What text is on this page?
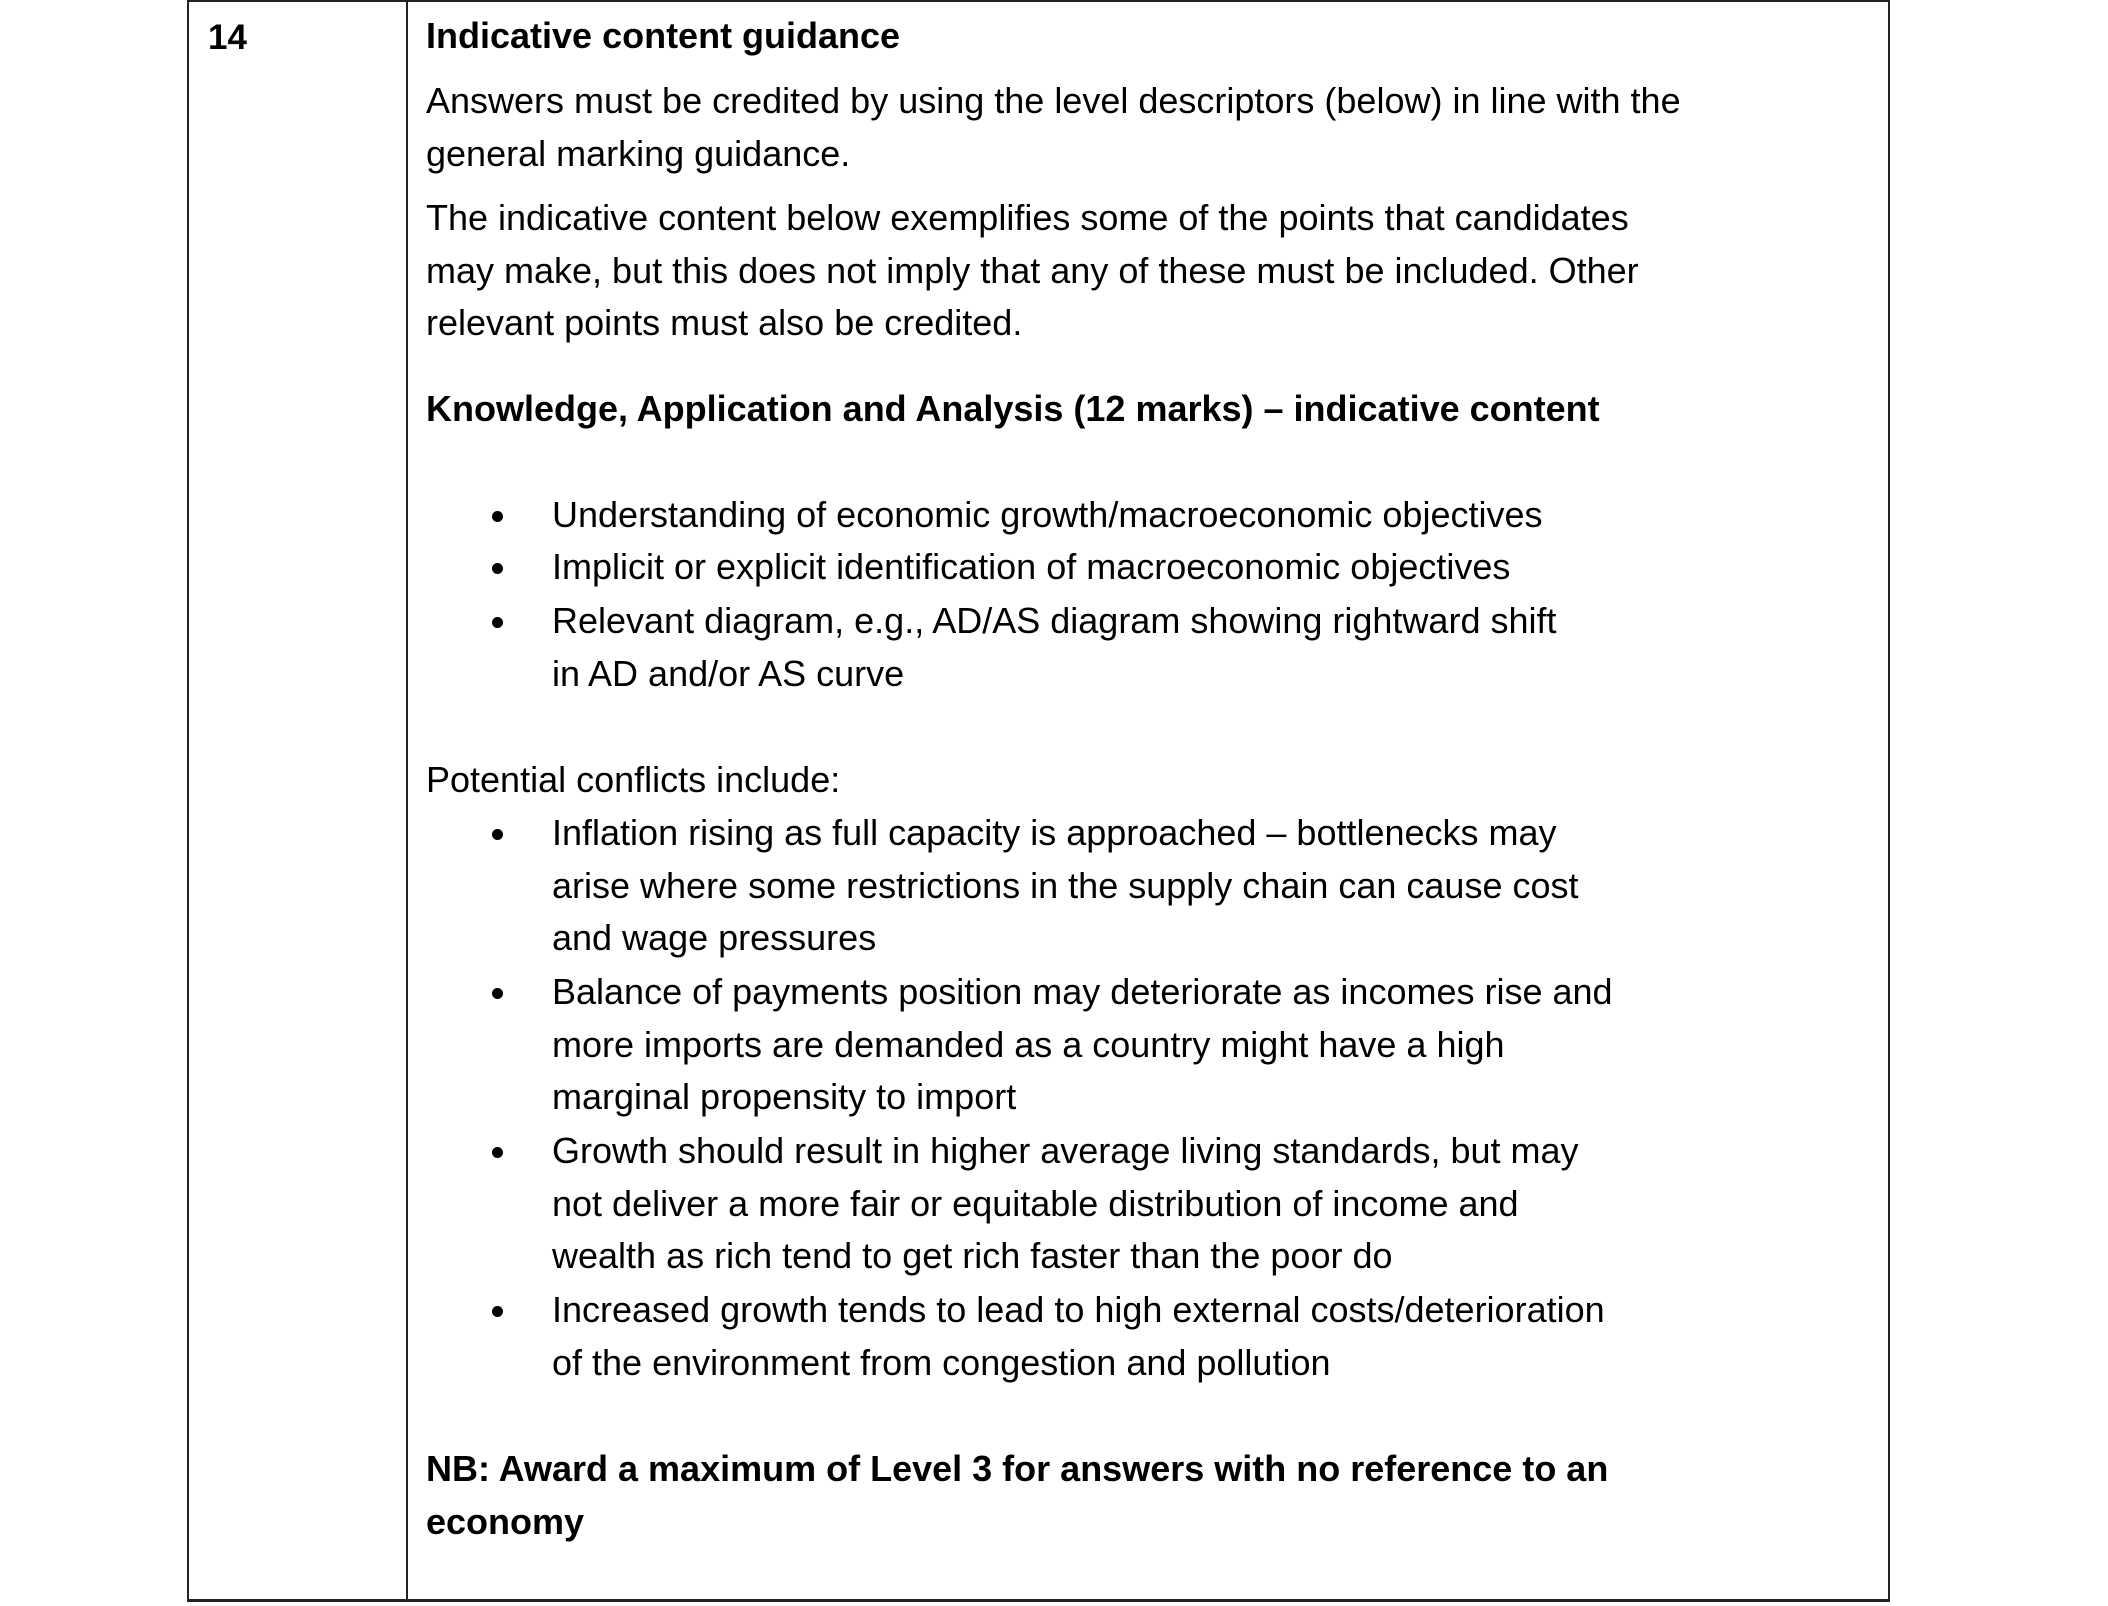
14	Indicative content guidance
Answers must be credited by using the level descriptors (below) in line with the
general marking guidance.
The indicative content below exemplifies some of the points that candidates
may make, but this does not imply that any of these must be included. Other
relevant points must also be credited.
Knowledge, Application and Analysis (12 marks) – indicative content
Understanding of economic growth/macroeconomic objectives
Implicit or explicit identification of macroeconomic objectives
Relevant diagram, e.g., AD/AS diagram showing rightward shift
in AD and/or AS curve
Potential conflicts include:
Inflation rising as full capacity is approached – bottlenecks may
arise where some restrictions in the supply chain can cause cost
and wage pressures
Balance of payments position may deteriorate as incomes rise and
more imports are demanded as a country might have a high
marginal propensity to import
Growth should result in higher average living standards, but may
not deliver a more fair or equitable distribution of income and
wealth as rich tend to get rich faster than the poor do
Increased growth tends to lead to high external costs/deterioration
of the environment from congestion and pollution
NB: Award a maximum of Level 3 for answers with no reference to an
economy
